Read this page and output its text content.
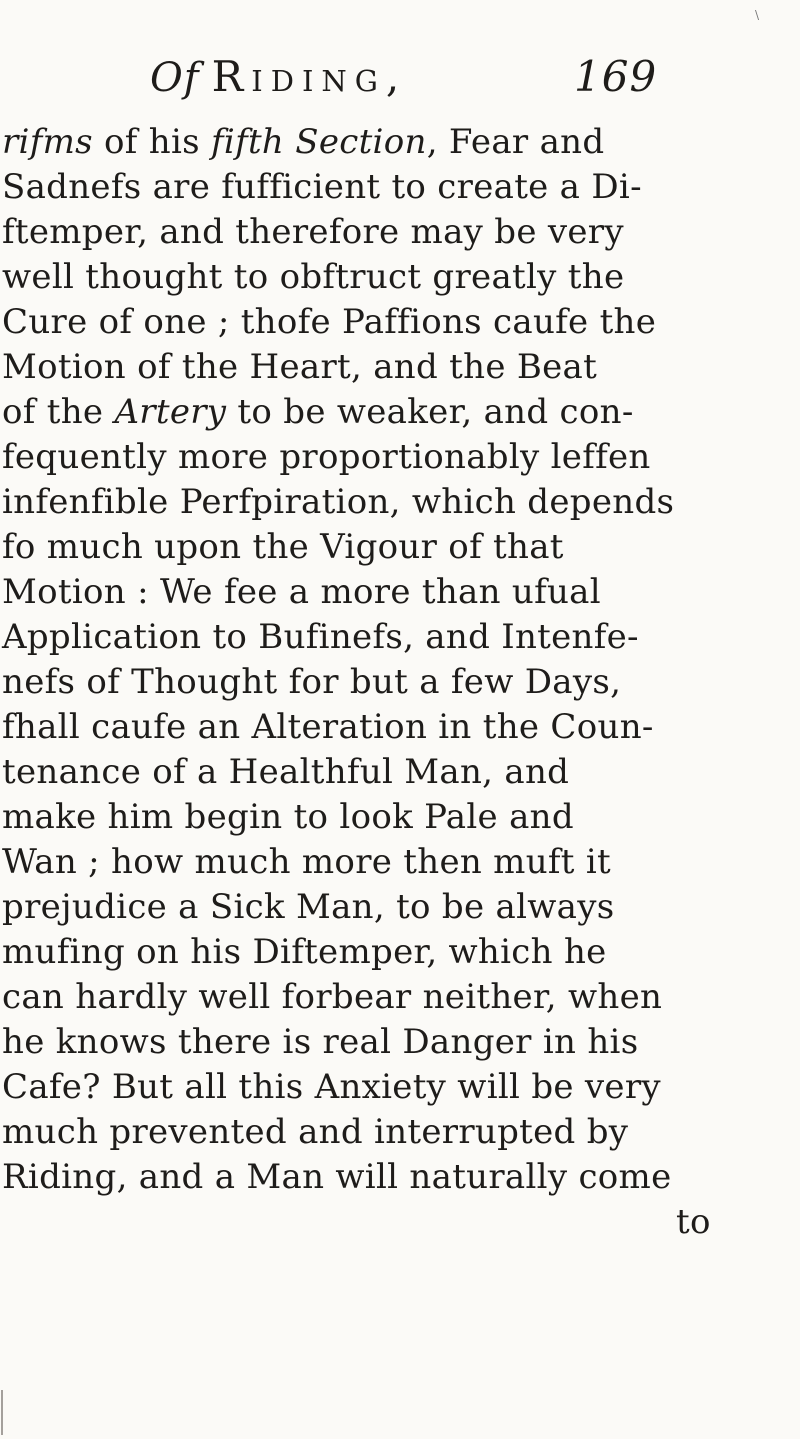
\
Of Riding,	169
rifms of his fifth Section, Fear and
Sadnefs are fufficient to create a Di-
ftemper, and therefore may be very
well thought to obftruct greatly the
Cure of one ; thofe Paffions caufe the
Motion of the Heart, and the Beat
of the Artery to be weaker, and con-
fequently more proportionably leffen
infenfible Perfpiration, which depends
fo much upon the Vigour of that
Motion : We fee a more than ufual
Application to Bufinefs, and Intenfe-
nefs of Thought for but a few Days,
fhall caufe an Alteration in the Coun-
tenance of a Healthful Man, and
make him begin to look Pale and
Wan ; how much more then muft it
prejudice a Sick Man, to be always
mufing on his Diftemper, which he
can hardly well forbear neither, when
he knows there is real Danger in his
Cafe? But all this Anxiety will be very
much prevented and interrupted by
Riding, and a Man will naturally come
to
